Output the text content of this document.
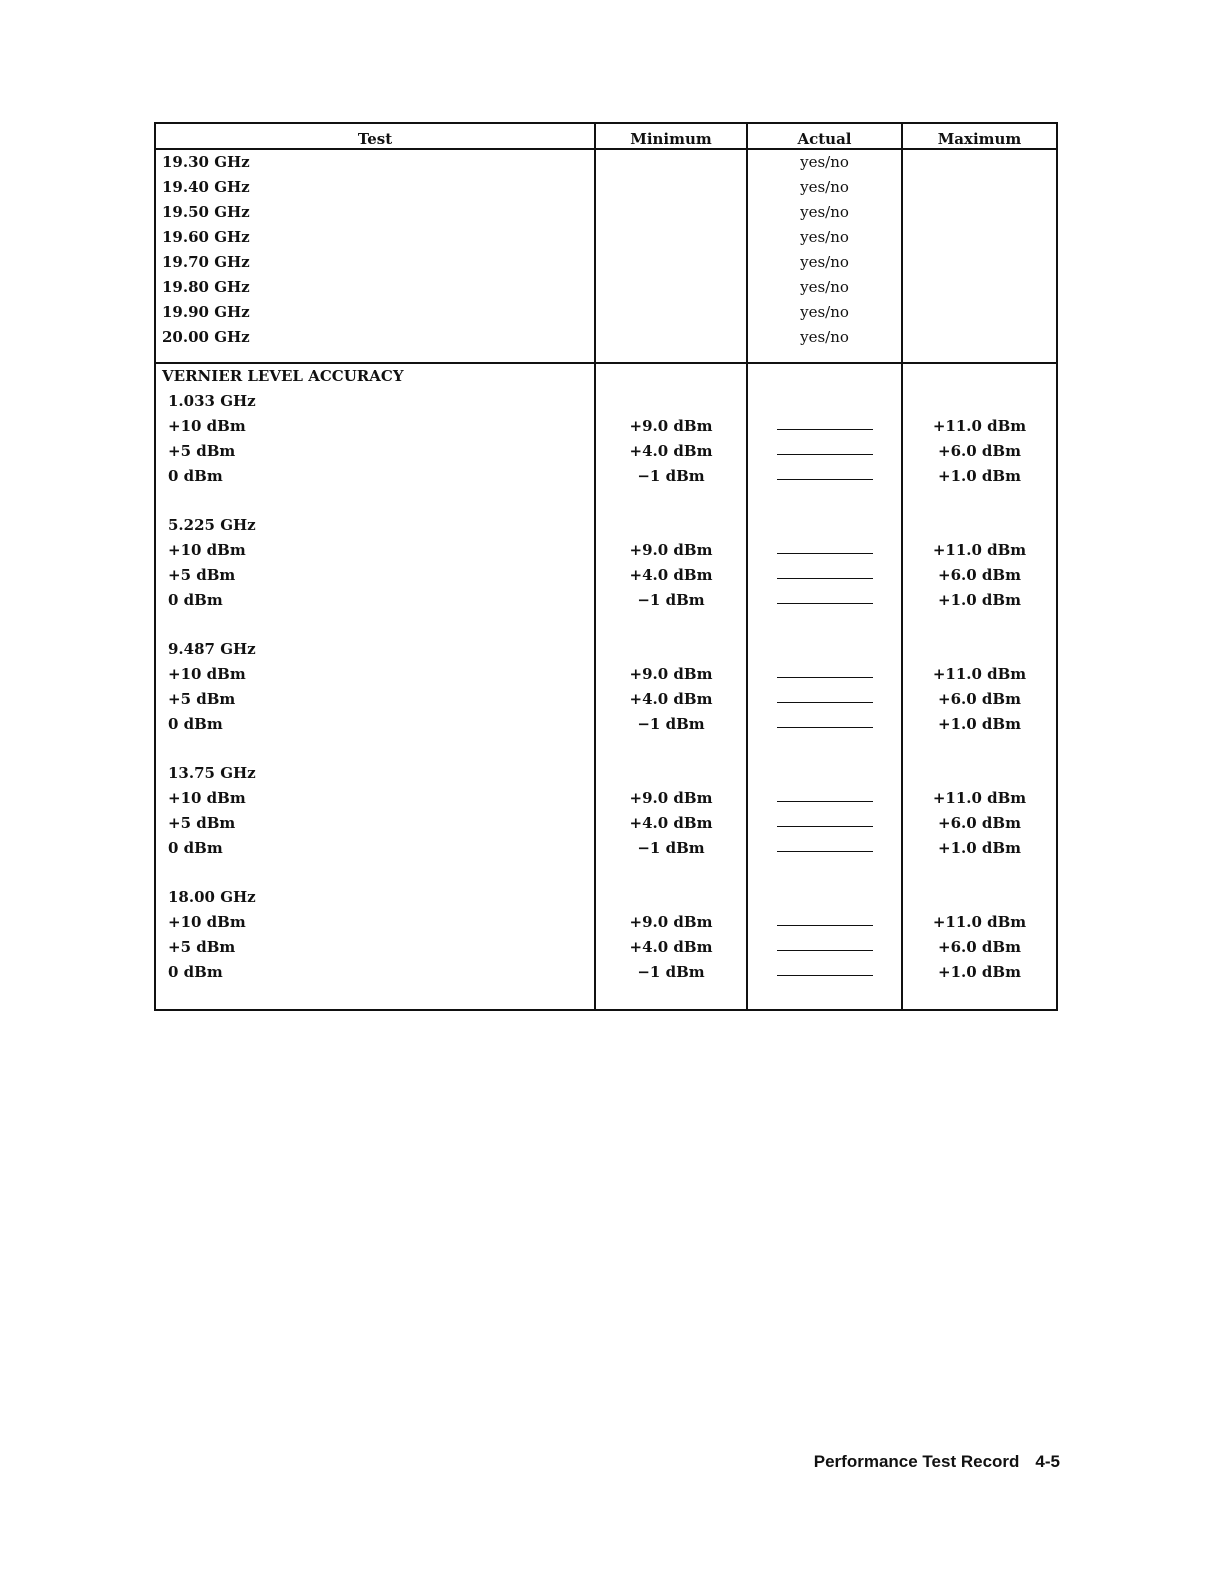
Test	Minimum	Actual	Maximum
19.30 GHz		yes/no	
19.40 GHz		yes/no	
19.50 GHz		yes/no	
19.60 GHz		yes/no	
19.70 GHz		yes/no	
19.80 GHz		yes/no	
19.90 GHz		yes/no	
20.00 GHz		yes/no	

VERNIER LEVEL ACCURACY			
1.033 GHz			
+10 dBm	+9.0 dBm		+11.0 dBm
+5 dBm	+4.0 dBm		+6.0 dBm
0 dBm	−1 dBm		+1.0 dBm

5.225 GHz			
+10 dBm	+9.0 dBm		+11.0 dBm
+5 dBm	+4.0 dBm		+6.0 dBm
0 dBm	−1 dBm		+1.0 dBm

9.487 GHz			
+10 dBm	+9.0 dBm		+11.0 dBm
+5 dBm	+4.0 dBm		+6.0 dBm
0 dBm	−1 dBm		+1.0 dBm

13.75 GHz			
+10 dBm	+9.0 dBm		+11.0 dBm
+5 dBm	+4.0 dBm		+6.0 dBm
0 dBm	−1 dBm		+1.0 dBm

18.00 GHz			
+10 dBm	+9.0 dBm		+11.0 dBm
+5 dBm	+4.0 dBm		+6.0 dBm
0 dBm	−1 dBm		+1.0 dBm

Performance Test Record 4-5
